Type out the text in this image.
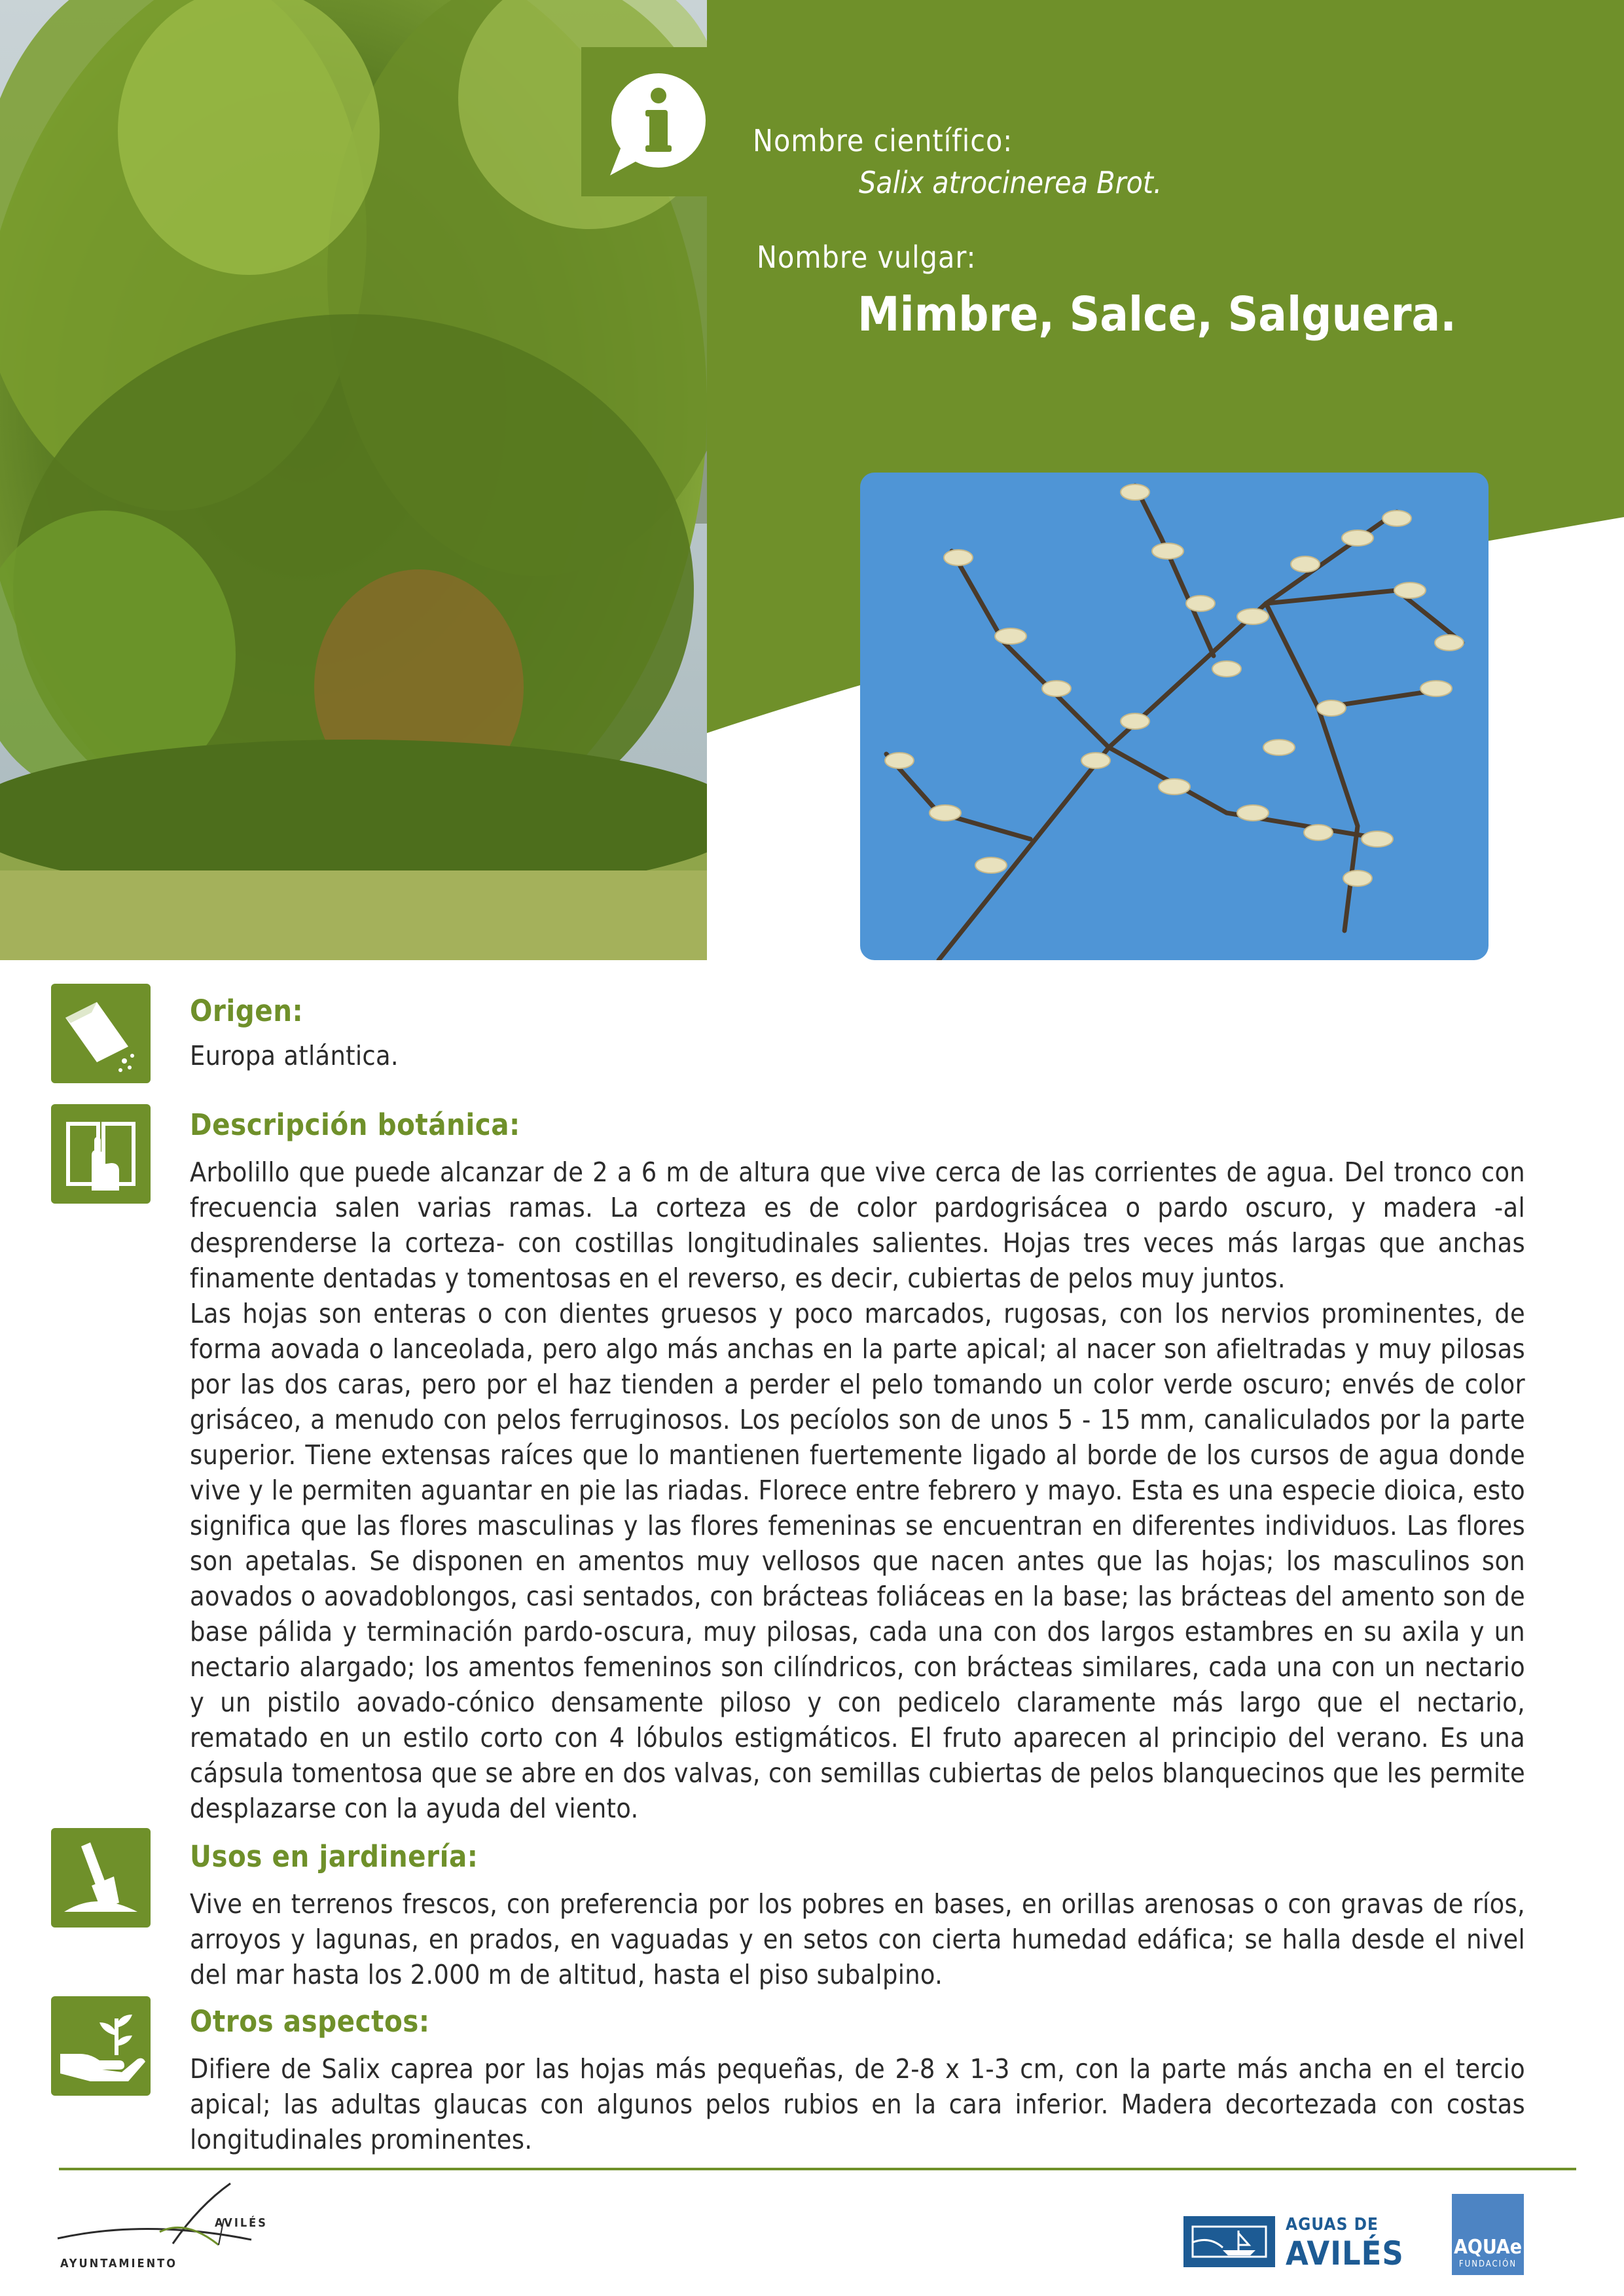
Nombre científico:
Salix atrocinerea Brot.
Nombre vulgar:
Mimbre, Salce, Salguera.
Origen:
Europa atlántica.
Descripción botánica:

Arbolillo que puede alcanzar de 2 a 6 m de altura que vive cerca de las corrientes de agua. Del tronco con frecuencia salen varias ramas. La corteza es de color pardogrisácea o pardo oscuro, y madera -al desprenderse la corteza- con costillas longitudinales salientes. Hojas tres veces más largas que anchas finamente dentadas y tomentosas en el reverso, es decir, cubiertas de pelos muy juntos.

Las hojas son enteras o con dientes gruesos y poco marcados, rugosas, con los nervios prominentes, de forma aovada o lanceolada, pero algo más anchas en la parte apical; al nacer son afieltradas y muy pilosas por las dos caras, pero por el haz tienden a perder el pelo tomando un color verde oscuro; envés de color grisáceo, a menudo con pelos ferruginosos. Los pecíolos son de unos 5 - 15 mm, canaliculados por la parte superior. Tiene extensas raíces que lo mantienen fuertemente ligado al borde de los cursos de agua donde vive y le permiten aguantar en pie las riadas. Florece entre febrero y mayo. Esta es una especie dioica, esto significa que las flores masculinas y las flores femeninas se encuentran en diferentes individuos. Las flores son apetalas. Se disponen en amentos muy vellosos que nacen antes que las hojas; los masculinos son aovados o aovadoblongos, casi sentados, con brácteas foliáceas en la base; las brácteas del amento son de base pálida y terminación pardo-oscura, muy pilosas, cada una con dos largos estambres en su axila y un nectario alargado; los amentos femeninos son cilíndricos, con brácteas similares, cada una con un nectario y un pistilo aovado-cónico densamente piloso y con pedicelo claramente más largo que el nectario, rematado en un estilo corto con 4 lóbulos estigmáticos. El fruto aparecen al principio del verano. Es una cápsula tomentosa que se abre en dos valvas, con semillas cubiertas de pelos blanquecinos que les permite desplazarse con la ayuda del viento.

Usos en jardinería:
Vive en terrenos frescos, con preferencia por los pobres en bases, en orillas arenosas o con gravas de ríos, arroyos y lagunas, en prados, en vaguadas y en setos con cierta humedad edáfica; se halla desde el nivel del mar hasta los 2.000 m de altitud, hasta el piso subalpino.
Otros aspectos:
Difiere de Salix caprea por las hojas más pequeñas, de 2-8 x 1-3 cm, con la parte más ancha en el tercio apical; las adultas glaucas con algunos pelos rubios en la cara inferior. Madera decortezada con costas longitudinales prominentes.
AVILÉS
AYUNTAMIENTO
AGUAS DE
AVILÉS	AQUAe
FUNDACIÓN
